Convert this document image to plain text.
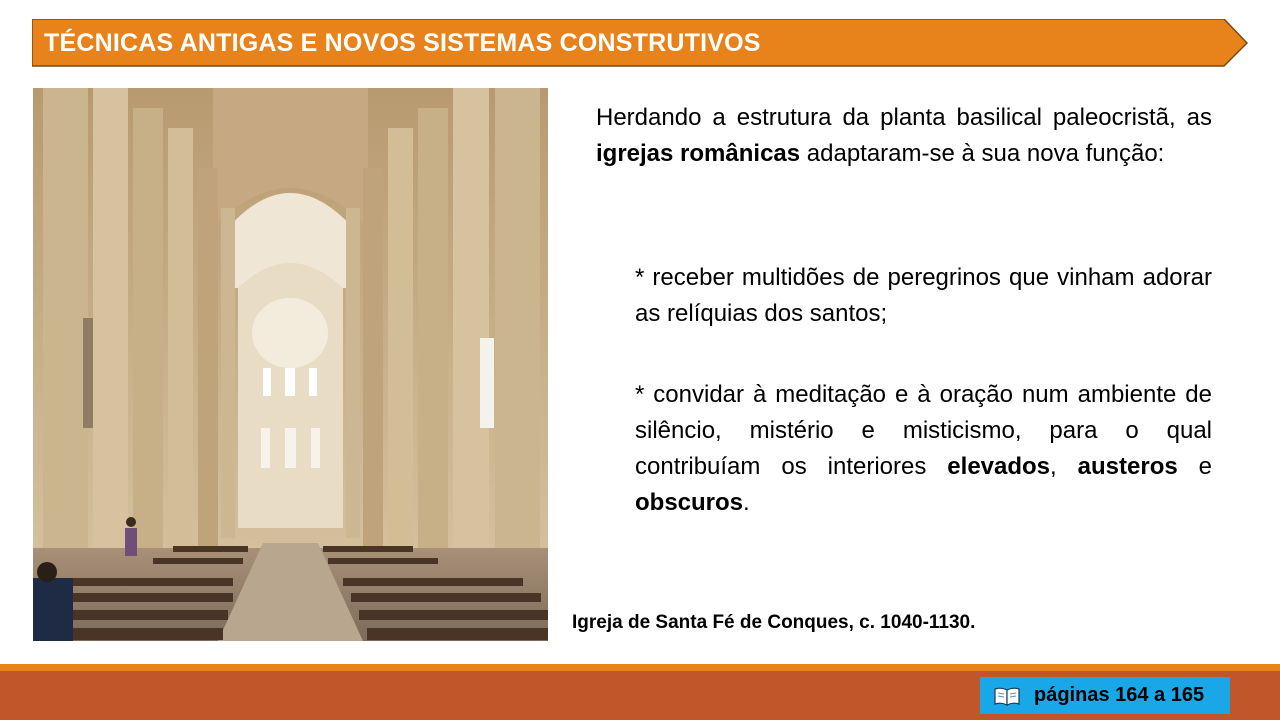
TÉCNICAS ANTIGAS E NOVOS SISTEMAS CONSTRUTIVOS
Igreja de Santa Fé de Conques, c. 1040-1130.

Herdando a estrutura da planta basilical paleocristã, as igrejas românicas adaptaram-se à sua nova função:

* receber multidões de peregrinos que vinham adorar as relíquias dos santos;

* convidar à meditação e à oração num ambiente de silêncio, mistério e misticismo, para o qual contribuíam os interiores elevados, austeros e obscuros.

páginas 164 a 165
